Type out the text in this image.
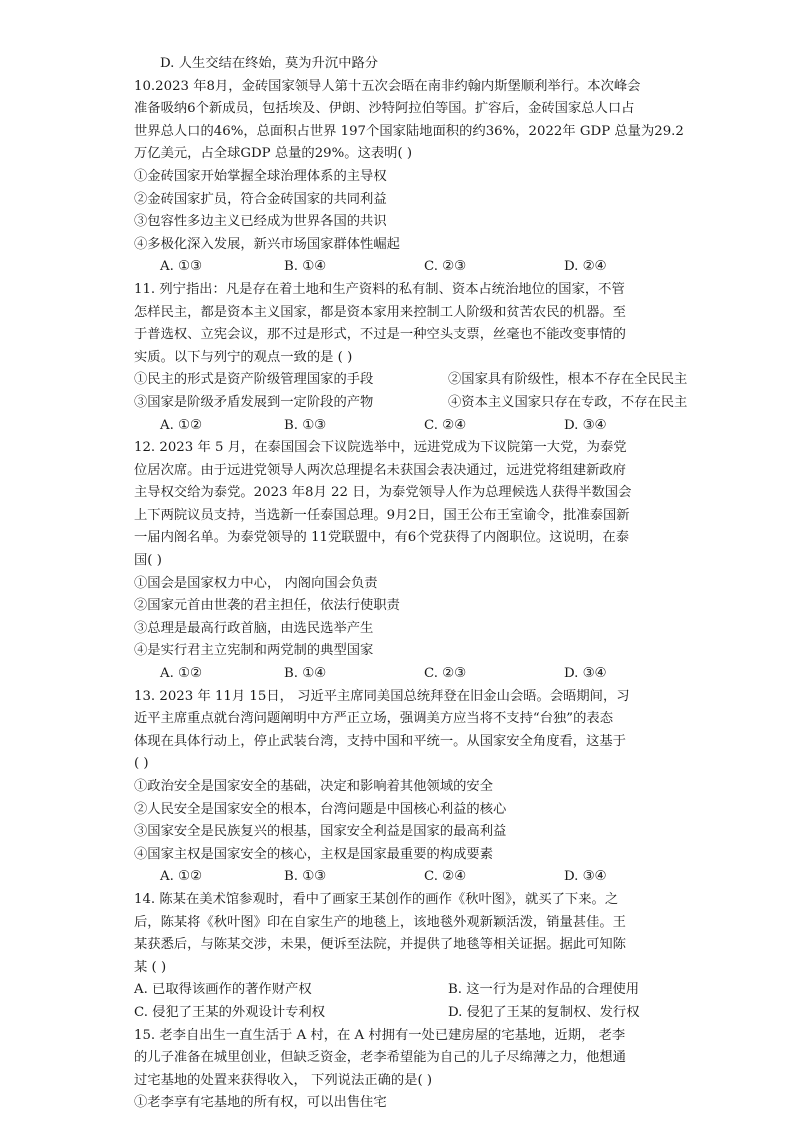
D. 人生交结在终始，莫为升沉中路分
10.2023 年8月，金砖国家领导人第十五次会晤在南非约翰内斯堡顺利举行。本次峰会
准备吸纳6个新成员，包括埃及、伊朗、沙特阿拉伯等国。扩容后，金砖国家总人口占
世界总人口的46%，总面积占世界 197个国家陆地面积的约36%，2022年 GDP 总量为29.2
万亿美元，占全球GDP 总量的29%。这表明( )
①金砖国家开始掌握全球治理体系的主导权
②金砖国家扩员，符合金砖国家的共同利益
③包容性多边主义已经成为世界各国的共识
④多极化深入发展，新兴市场国家群体性崛起
A. ①③	B. ①④	C. ②③	D. ②④
11. 列宁指出：凡是存在着土地和生产资料的私有制、资本占统治地位的国家，不管
怎样民主，都是资本主义国家，都是资本家用来控制工人阶级和贫苦农民的机器。至
于普选权、立宪会议，那不过是形式，不过是一种空头支票，丝毫也不能改变事情的
实质。以下与列宁的观点一致的是 ( )
①民主的形式是资产阶级管理国家的手段	②国家具有阶级性，根本不存在全民民主
③国家是阶级矛盾发展到一定阶段的产物	④资本主义国家只存在专政，不存在民主
A. ①②	B. ①③	C. ②④	D. ③④
12. 2023 年 5 月，在泰国国会下议院选举中，远进党成为下议院第一大党，为泰党
位居次席。由于远进党领导人两次总理提名未获国会表决通过，远进党将组建新政府
主导权交给为泰党。2023 年8月 22 日，为泰党领导人作为总理候选人获得半数国会
上下两院议员支持，当选新一任泰国总理。9月2日，国王公布王室谕令，批准泰国新
一届内阁名单。为泰党领导的 11党联盟中，有6个党获得了内阁职位。这说明，在泰
国( )
①国会是国家权力中心， 内阁向国会负责
②国家元首由世袭的君主担任，依法行使职责
③总理是最高行政首脑，由选民选举产生
④是实行君主立宪制和两党制的典型国家
A. ①②	B. ①④	C. ②③	D. ③④
13. 2023 年 11月 15日， 习近平主席同美国总统拜登在旧金山会晤。会晤期间，习
近平主席重点就台湾问题阐明中方严正立场，强调美方应当将不支持“台独”的表态
体现在具体行动上，停止武装台湾，支持中国和平统一。从国家安全角度看，这基于
( )
①政治安全是国家安全的基础，决定和影响着其他领域的安全
②人民安全是国家安全的根本，台湾问题是中国核心利益的核心
③国家安全是民族复兴的根基，国家安全利益是国家的最高利益
④国家主权是国家安全的核心，主权是国家最重要的构成要素
A. ①②	B. ①③	C. ②④	D. ③④
14. 陈某在美术馆参观时，看中了画家王某创作的画作《秋叶图》，就买了下来。之
后，陈某将《秋叶图》印在自家生产的地毯上，该地毯外观新颖活泼，销量甚佳。王
某获悉后，与陈某交涉，未果，便诉至法院，并提供了地毯等相关证据。据此可知陈
某 ( )
A. 已取得该画作的著作财产权	B. 这一行为是对作品的合理使用
C. 侵犯了王某的外观设计专利权	D. 侵犯了王某的复制权、发行权
15. 老李自出生一直生活于 A 村，在 A 村拥有一处已建房屋的宅基地，近期， 老李
的儿子准备在城里创业，但缺乏资金，老李希望能为自己的儿子尽绵薄之力，他想通
过宅基地的处置来获得收入， 下列说法正确的是( )
①老李享有宅基地的所有权，可以出售住宅
